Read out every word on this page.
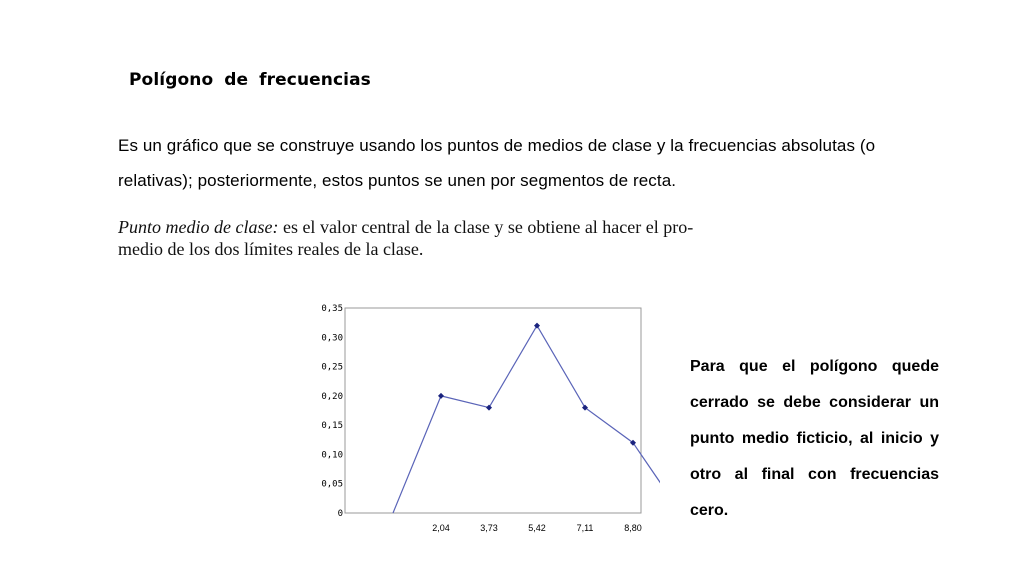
Polígono de frecuencias

Es un gráfico que se construye usando los puntos de medios de clase y la frecuencias absolutas (o
relativas); posteriormente, estos puntos se unen por segmentos de recta.

Punto medio de clase: es el valor central de la clase y se obtiene al hacer el pro-
medio de los dos límites reales de la clase.

0
0,05
0,10
0,15
0,20
0,25
0,30
0,35
2,04	3,73	5,42	7,11	8,80

Para que el polígono quede cerrado se debe considerar un punto medio ficticio, al inicio y otro al final con frecuencias cero.
